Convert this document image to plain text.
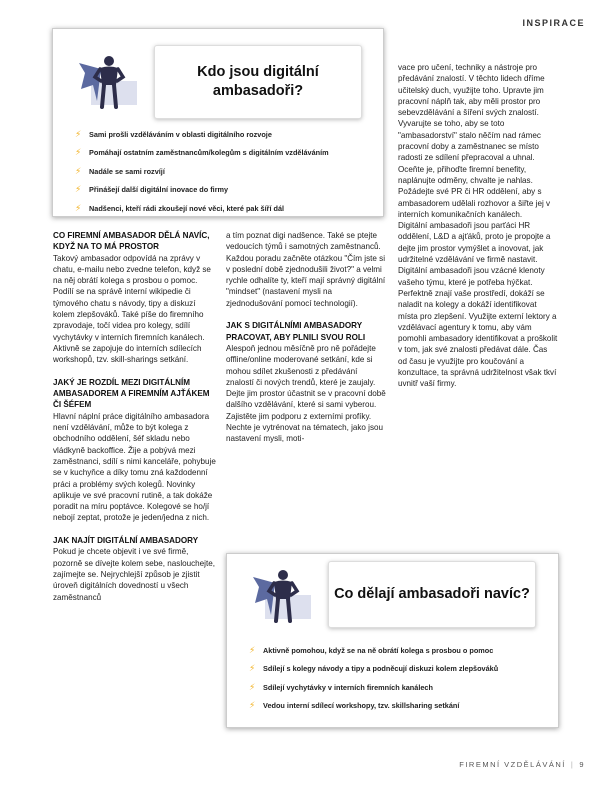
INSPIRACE
Kdo jsou digitální ambasadoři?
⚡	Sami prošli vzděláváním v oblasti digitálního rozvoje
⚡	Pomáhají ostatním zaměstnancům/kolegům s digitálním vzděláváním
⚡	Nadále se sami rozvíjí
⚡	Přinášejí další digitální inovace do firmy
⚡	Nadšenci, kteří rádi zkoušejí nové věci, které pak šíří dál

CO FIREMNÍ AMBASADOR DĚLÁ NAVÍC, KDYŽ NA TO MÁ PROSTOR

Takový ambasador odpovídá na zprávy v chatu, e-mailu nebo zvedne telefon, když se na něj obrátí kolega s prosbou o pomoc. Podílí se na správě interní wikipedie či týmového chatu s návody, tipy a diskuzí kolem zlepšováků. Také píše do firemního zpravodaje, točí videa pro kolegy, sdílí vychytávky v interních firemních kanálech. Aktivně se zapojuje do interních sdílecích workshopů, tzv. skill-sharings setkání.

JAKÝ JE ROZDÍL MEZI DIGITÁLNÍM AMBASADOREM A FIREMNÍM AJŤÁKEM ČI ŠÉFEM

Hlavní náplní práce digitálního ambasadora není vzdělávání, může to být kolega z obchodního oddělení, šéf skladu nebo vládkyně backoffice. Žije a pobývá mezi zaměstnanci, sdílí s nimi kanceláře, pohybuje se v kuchyňce a díky tomu zná každodenní práci a problémy svých kolegů. Novinky aplikuje ve své pracovní rutině, a tak dokáže poradit na míru poptávce. Kolegové se ho/jí nebojí zeptat, protože je jeden/jedna z nich.

JAK NAJÍT DIGITÁLNÍ AMBASADORY

Pokud je chcete objevit i ve své firmě, pozorně se dívejte kolem sebe, naslouchejte, zajímejte se. Nejrychlejší způsob je zjistit úroveň digitálních dovedností u všech zaměstnanců

a tím poznat digi nadšence. Také se ptejte vedoucích týmů i samotných zaměstnanců. Každou poradu začněte otázkou "Čím jste si v poslední době zjednodušili život?" a velmi rychle odhalíte ty, kteří mají správný digitální "mindset" (nastavení mysli na zjednodušování pomocí technologií).

JAK S DIGITÁLNÍMI AMBASADORY PRACOVAT, ABY PLNILI SVOU ROLI

Alespoň jednou měsíčně pro ně pořádejte offline/online moderované setkání, kde si mohou sdílet zkušenosti z předávání znalostí či nových trendů, které je zaujaly. Dejte jim prostor účastnit se v pracovní době dalšího vzdělávání, které si sami vyberou. Zajistěte jim podporu z externími profíky. Nechte je vytrénovat na tématech, jako jsou nastavení mysli, moti-

vace pro učení, techniky a nástroje pro předávání znalostí. V těchto lidech dříme učitelský duch, využijte toho. Upravte jim pracovní náplň tak, aby měli prostor pro sebevzdělávání a šíření svých znalostí. Vyvarujte se toho, aby se toto "ambasadorství" stalo něčím nad rámec pracovní doby a zaměstnanec se místo radosti ze sdílení přepracoval a uhnal. Oceňte je, přihoďte firemní benefity, naplánujte odměny, chvalte je nahlas. Požádejte své PR či HR oddělení, aby s ambasadorem udělali rozhovor a šiřte jej v interních komunikačních kanálech.

Digitální ambasadoři jsou parťáci HR oddělení, L&D a ajťáků, proto je propojte a dejte jim prostor vymýšlet a inovovat, jak udržitelné vzdělávání ve firmě nastavit.

Digitální ambasadoři jsou vzácné klenoty vašeho týmu, které je potřeba hýčkat. Perfektně znají vaše prostředí, dokáží se naladit na kolegy a dokáží identifikovat místa pro zlepšení. Využijte externí lektory a vzdělávací agentury k tomu, aby vám pomohli ambasadory identifikovat a proškolit v tom, jak své znalosti předávat dále. Čas od času je využijte pro koučování a konzultace, ta správná udržitelnost však tkví uvnitř vaší firmy.

Co dělají ambasadoři navíc?
⚡	Aktivně pomohou, když se na ně obrátí kolega s prosbou o pomoc
⚡	Sdílejí s kolegy návody a tipy a podněcují diskuzi kolem zlepšováků
⚡	Sdílejí vychytávky v interních firemních kanálech
⚡	Vedou interní sdílecí workshopy, tzv. skillsharing setkání
FIREMNÍ VZDĚLÁVÁNÍ | 9
